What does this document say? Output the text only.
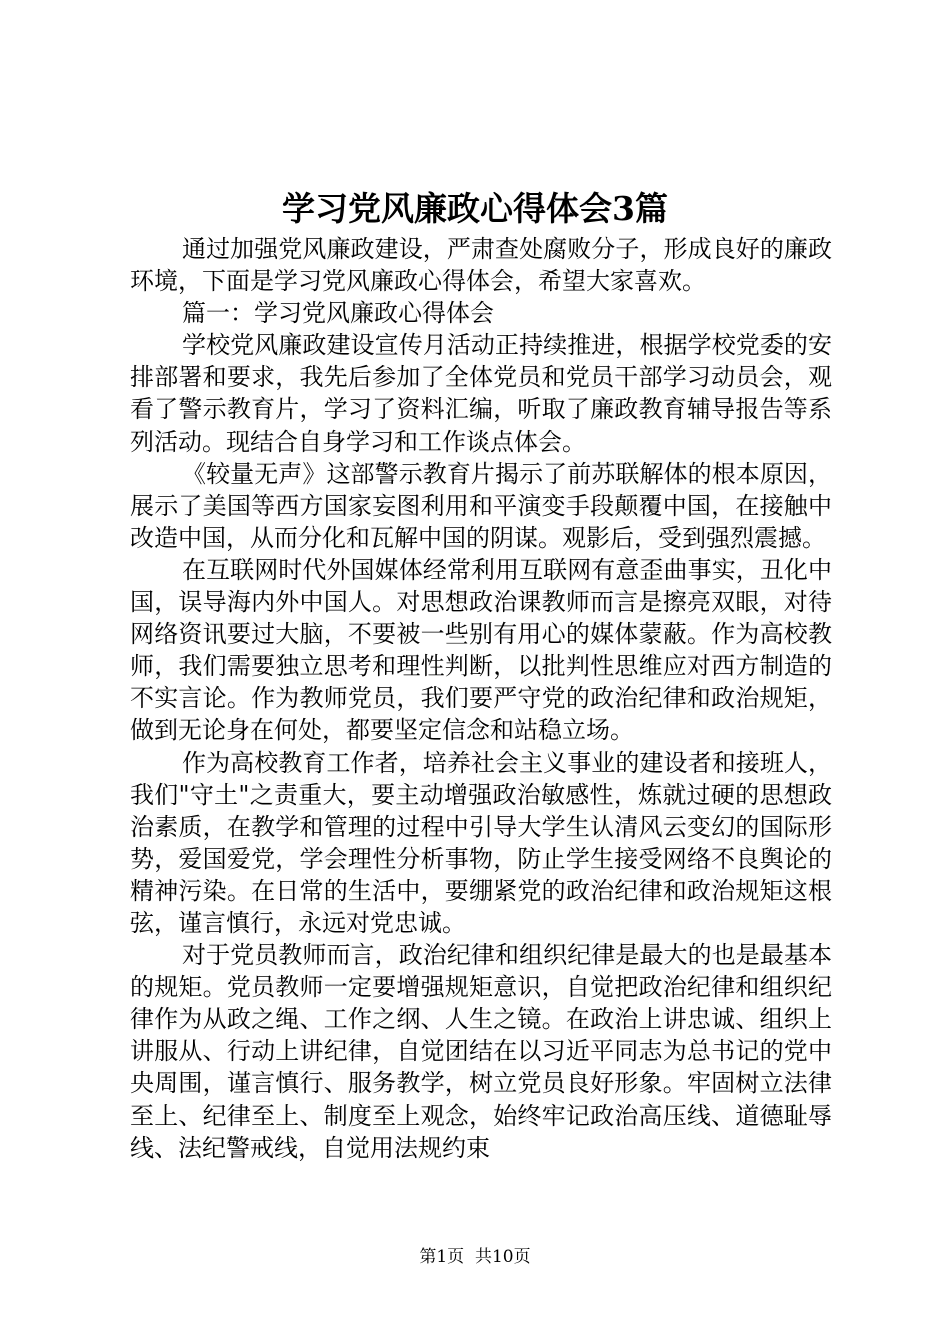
学习党风廉政心得体会3篇

通过加强党风廉政建设，严肃查处腐败分子，形成良好的廉政环境，下面是学习党风廉政心得体会，希望大家喜欢。

篇一：学习党风廉政心得体会

学校党风廉政建设宣传月活动正持续推进，根据学校党委的安排部署和要求，我先后参加了全体党员和党员干部学习动员会，观看了警示教育片，学习了资料汇编，听取了廉政教育辅导报告等系列活动。现结合自身学习和工作谈点体会。

《较量无声》这部警示教育片揭示了前苏联解体的根本原因，展示了美国等西方国家妄图利用和平演变手段颠覆中国，在接触中改造中国，从而分化和瓦解中国的阴谋。观影后，受到强烈震撼。

在互联网时代外国媒体经常利用互联网有意歪曲事实，丑化中国，误导海内外中国人。对思想政治课教师而言是擦亮双眼，对待网络资讯要过大脑，不要被一些别有用心的媒体蒙蔽。作为高校教师，我们需要独立思考和理性判断，以批判性思维应对西方制造的不实言论。作为教师党员，我们要严守党的政治纪律和政治规矩，做到无论身在何处，都要坚定信念和站稳立场。

作为高校教育工作者，培养社会主义事业的建设者和接班人，我们"守土"之责重大，要主动增强政治敏感性，炼就过硬的思想政治素质，在教学和管理的过程中引导大学生认清风云变幻的国际形势，爱国爱党，学会理性分析事物，防止学生接受网络不良舆论的精神污染。在日常的生活中，要绷紧党的政治纪律和政治规矩这根弦，谨言慎行，永远对党忠诚。

对于党员教师而言，政治纪律和组织纪律是最大的也是最基本的规矩。党员教师一定要增强规矩意识，自觉把政治纪律和组织纪律作为从政之绳、工作之纲、人生之镜。在政治上讲忠诚、组织上讲服从、行动上讲纪律，自觉团结在以习近平同志为总书记的党中央周围，谨言慎行、服务教学，树立党员良好形象。牢固树立法律至上、纪律至上、制度至上观念，始终牢记政治高压线、道德耻辱线、法纪警戒线，自觉用法规约束

第1页  共10页
